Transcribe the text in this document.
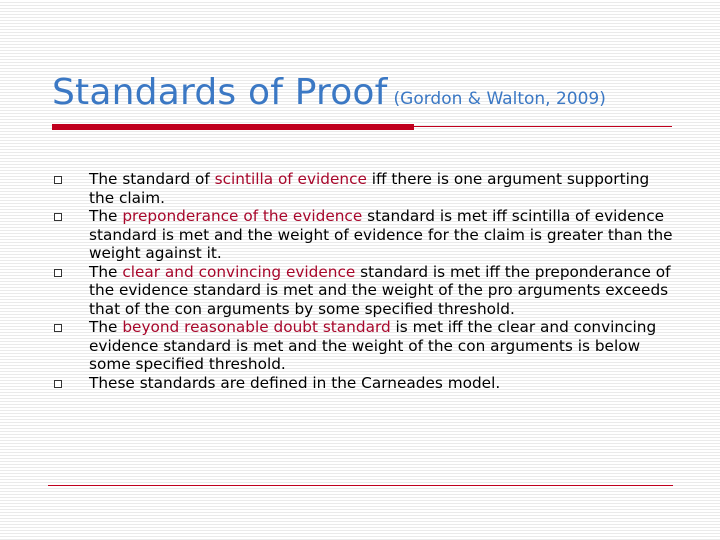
Standards of Proof (Gordon & Walton, 2009)
The standard of scintilla of evidence iff there is one argument supporting the claim.
The preponderance of the evidence standard is met iff scintilla of evidence standard is met and the weight of evidence for the claim is greater than the weight against it.
The clear and convincing evidence standard is met iff the preponderance of the evidence standard is met and the weight of the pro arguments exceeds that of the con arguments by some specified threshold.
The beyond reasonable doubt standard is met iff the clear and convincing evidence standard is met and the weight of the con arguments is below some specified threshold.
These standards are defined in the Carneades model.
